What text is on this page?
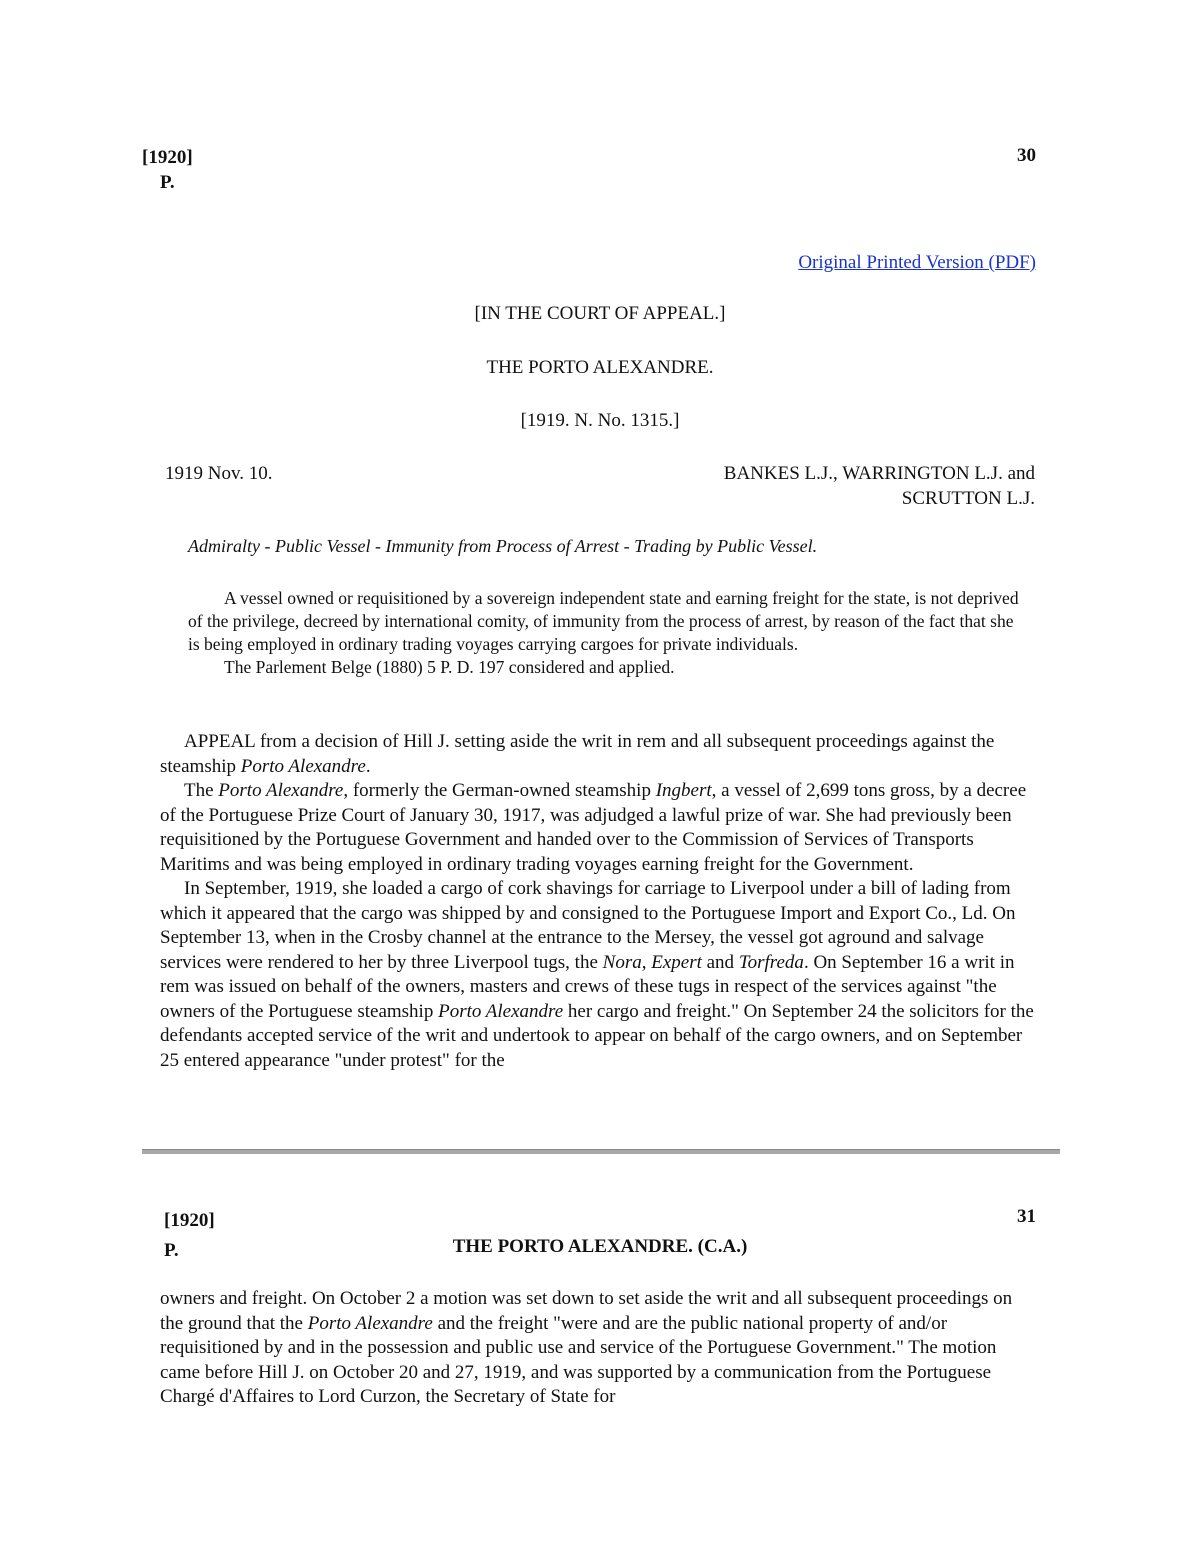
[1920]
P.
30
Original Printed Version (PDF)
[IN THE COURT OF APPEAL.]
THE PORTO ALEXANDRE.
[1919. N. No. 1315.]
1919 Nov. 10.	BANKES L.J., WARRINGTON L.J. and
SCRUTTON L.J.
Admiralty - Public Vessel - Immunity from Process of Arrest - Trading by Public Vessel.

A vessel owned or requisitioned by a sovereign independent state and earning freight for the state, is not deprived of the privilege, decreed by international comity, of immunity from the process of arrest, by reason of the fact that she is being employed in ordinary trading voyages carrying cargoes for private individuals.

The Parlement Belge (1880) 5 P. D. 197 considered and applied.

APPEAL from a decision of Hill J. setting aside the writ in rem and all subsequent proceedings against the steamship Porto Alexandre.

The Porto Alexandre, formerly the German-owned steamship Ingbert, a vessel of 2,699 tons gross, by a decree of the Portuguese Prize Court of January 30, 1917, was adjudged a lawful prize of war. She had previously been requisitioned by the Portuguese Government and handed over to the Commission of Services of Transports Maritims and was being employed in ordinary trading voyages earning freight for the Government.

In September, 1919, she loaded a cargo of cork shavings for carriage to Liverpool under a bill of lading from which it appeared that the cargo was shipped by and consigned to the Portuguese Import and Export Co., Ld. On September 13, when in the Crosby channel at the entrance to the Mersey, the vessel got aground and salvage services were rendered to her by three Liverpool tugs, the Nora, Expert and Torfreda. On September 16 a writ in rem was issued on behalf of the owners, masters and crews of these tugs in respect of the services against "the owners of the Portuguese steamship Porto Alexandre her cargo and freight." On September 24 the solicitors for the defendants accepted service of the writ and undertook to appear on behalf of the cargo owners, and on September 25 entered appearance "under protest" for the

[1920]
P.
31
THE PORTO ALEXANDRE. (C.A.)

owners and freight. On October 2 a motion was set down to set aside the writ and all subsequent proceedings on the ground that the Porto Alexandre and the freight "were and are the public national property of and/or requisitioned by and in the possession and public use and service of the Portuguese Government." The motion came before Hill J. on October 20 and 27, 1919, and was supported by a communication from the Portuguese Chargé d'Affaires to Lord Curzon, the Secretary of State for
